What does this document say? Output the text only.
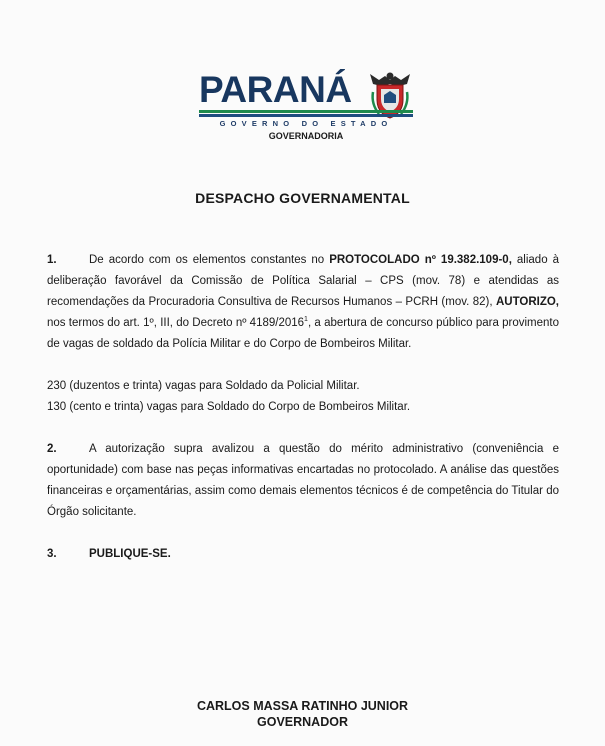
PARANÁ
GOVERNO DO ESTADO
GOVERNADORIA
DESPACHO GOVERNAMENTAL

1.	De acordo com os elementos constantes no PROTOCOLADO nº 19.382.109-0, aliado à deliberação favorável da Comissão de Política Salarial – CPS (mov. 78) e atendidas as recomendações da Procuradoria Consultiva de Recursos Humanos – PCRH (mov. 82), AUTORIZO, nos termos do art. 1º, III, do Decreto nº 4189/2016$^1$, a abertura de concurso público para provimento de vagas de soldado da Polícia Militar e do Corpo de Bombeiros Militar.

230 (duzentos e trinta) vagas para Soldado da Policial Militar.

130 (cento e trinta) vagas para Soldado do Corpo de Bombeiros Militar.

2.	A autorização supra avalizou a questão do mérito administrativo (conveniência e oportunidade) com base nas peças informativas encartadas no protocolado. A análise das questões financeiras e orçamentárias, assim como demais elementos técnicos é de competência do Titular do Órgão solicitante.

3.	PUBLIQUE-SE.

CARLOS MASSA RATINHO JUNIOR
GOVERNADOR
